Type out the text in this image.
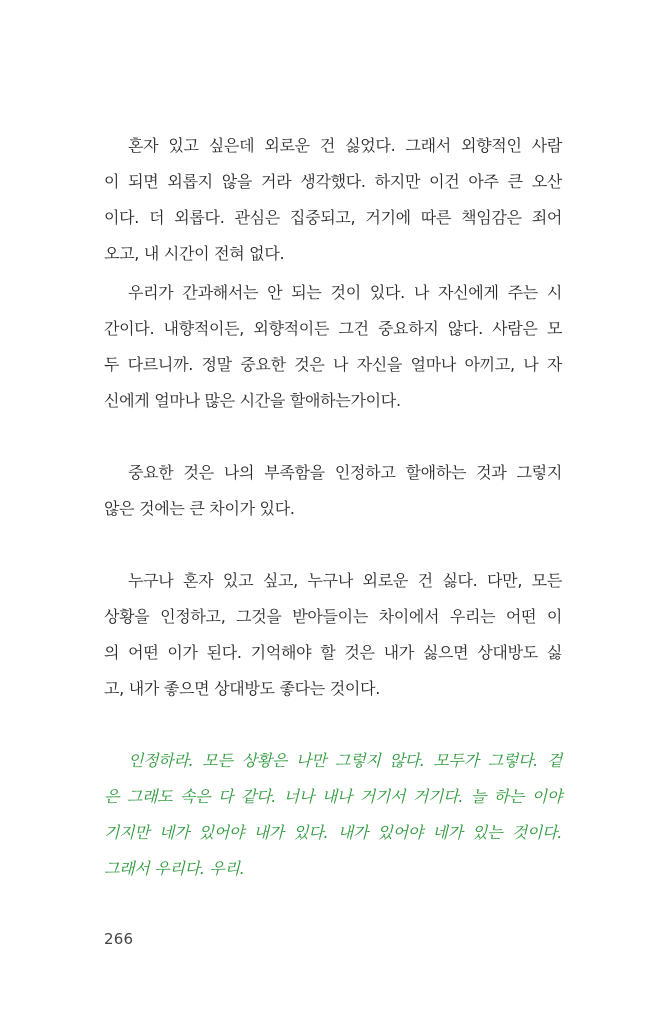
혼자 있고 싶은데 외로운 건 싫었다. 그래서 외향적인 사람
이 되면 외롭지 않을 거라 생각했다. 하지만 이건 아주 큰 오산
이다. 더 외롭다. 관심은 집중되고, 거기에 따른 책임감은 죄어
오고, 내 시간이 전혀 없다.
우리가 간과해서는 안 되는 것이 있다. 나 자신에게 주는 시
간이다. 내향적이든, 외향적이든 그건 중요하지 않다. 사람은 모
두 다르니까. 정말 중요한 것은 나 자신을 얼마나 아끼고, 나 자
신에게 얼마나 많은 시간을 할애하는가이다.
중요한 것은 나의 부족함을 인정하고 할애하는 것과 그렇지
않은 것에는 큰 차이가 있다.
누구나 혼자 있고 싶고, 누구나 외로운 건 싫다. 다만, 모든
상황을 인정하고, 그것을 받아들이는 차이에서 우리는 어떤 이
의 어떤 이가 된다. 기억해야 할 것은 내가 싫으면 상대방도 싫
고, 내가 좋으면 상대방도 좋다는 것이다.
인정하라. 모든 상황은 나만 그렇지 않다. 모두가 그렇다. 겉
은 그래도 속은 다 같다. 너나 내나 거기서 거기다. 늘 하는 이야
기지만 네가 있어야 내가 있다. 내가 있어야 네가 있는 것이다.
그래서 우리다. 우리.
266
